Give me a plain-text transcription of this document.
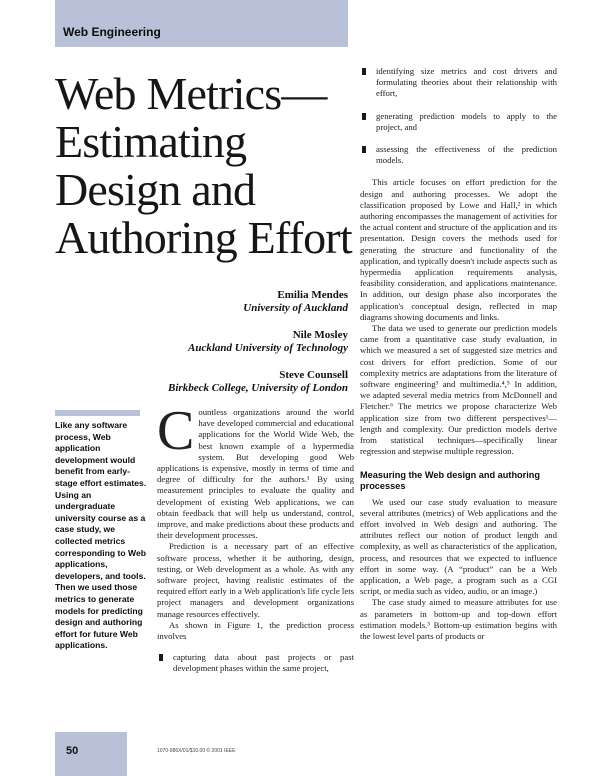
Web Engineering
Web Metrics—
Estimating
Design and
Authoring Effort
Emilia Mendes
University of Auckland
Nile Mosley
Auckland University of Technology
Steve Counsell
Birkbeck College, University of London

Like any software process, Web application development would benefit from early-stage effort estimates. Using an undergraduate university course as a case study, we collected metrics corresponding to Web applications, developers, and tools. Then we used those metrics to generate models for predicting design and authoring effort for future Web applications.

Countless organizations around the world have developed commercial and educational applications for the World Wide Web, the best known example of a hypermedia system. But developing good Web applications is expensive, mostly in terms of time and degree of difficulty for the authors.¹ By using measurement principles to evaluate the quality and development of existing Web applications, we can obtain feedback that will help us understand, control, improve, and make predictions about these products and their development processes.

Prediction is a necessary part of an effective software process, whether it be authoring, design, testing, or Web development as a whole. As with any software project, having realistic estimates of the required effort early in a Web application's life cycle lets project managers and development organizations manage resources effectively.

As shown in Figure 1, the prediction process involves

capturing data about past projects or past development phases within the same project,
identifying size metrics and cost drivers and formulating theories about their relationship with effort,
generating prediction models to apply to the project, and
assessing the effectiveness of the prediction models.

This article focuses on effort prediction for the design and authoring processes. We adopt the classification proposed by Lowe and Hall,² in which authoring encompasses the management of activities for the actual content and structure of the application and its presentation. Design covers the methods used for generating the structure and functionality of the application, and typically doesn't include aspects such as hypermedia application requirements analysis, feasibility consideration, and applications maintenance. In addition, our design phase also incorporates the application's conceptual design, reflected in map diagrams showing documents and links.

The data we used to generate our prediction models came from a quantitative case study evaluation, in which we measured a set of suggested size metrics and cost drivers for effort prediction. Some of our complexity metrics are adaptations from the literature of software engineering³ and multimedia.⁴,⁵ In addition, we adapted several media metrics from McDonnell and Fletcher.⁶ The metrics we propose characterize Web application size from two different perspectives¹—length and complexity. Our prediction models derive from statistical techniques—specifically linear regression and stepwise multiple regression.

Measuring the Web design and authoring processes

We used our case study evaluation to measure several attributes (metrics) of Web applications and the effort involved in Web design and authoring. The attributes reflect our notion of product length and complexity, as well as characteristics of the application, process, and resources that we expected to influence effort in some way. (A “product” can be a Web application, a Web page, a program such as a CGI script, or media such as video, audio, or an image.)

The case study aimed to measure attributes for use as parameters in bottom-up and top-down effort estimation models.³ Bottom-up estimation begins with the lowest level parts of products or

50	1070-986X/01/$10.00 © 2001 IEEE
